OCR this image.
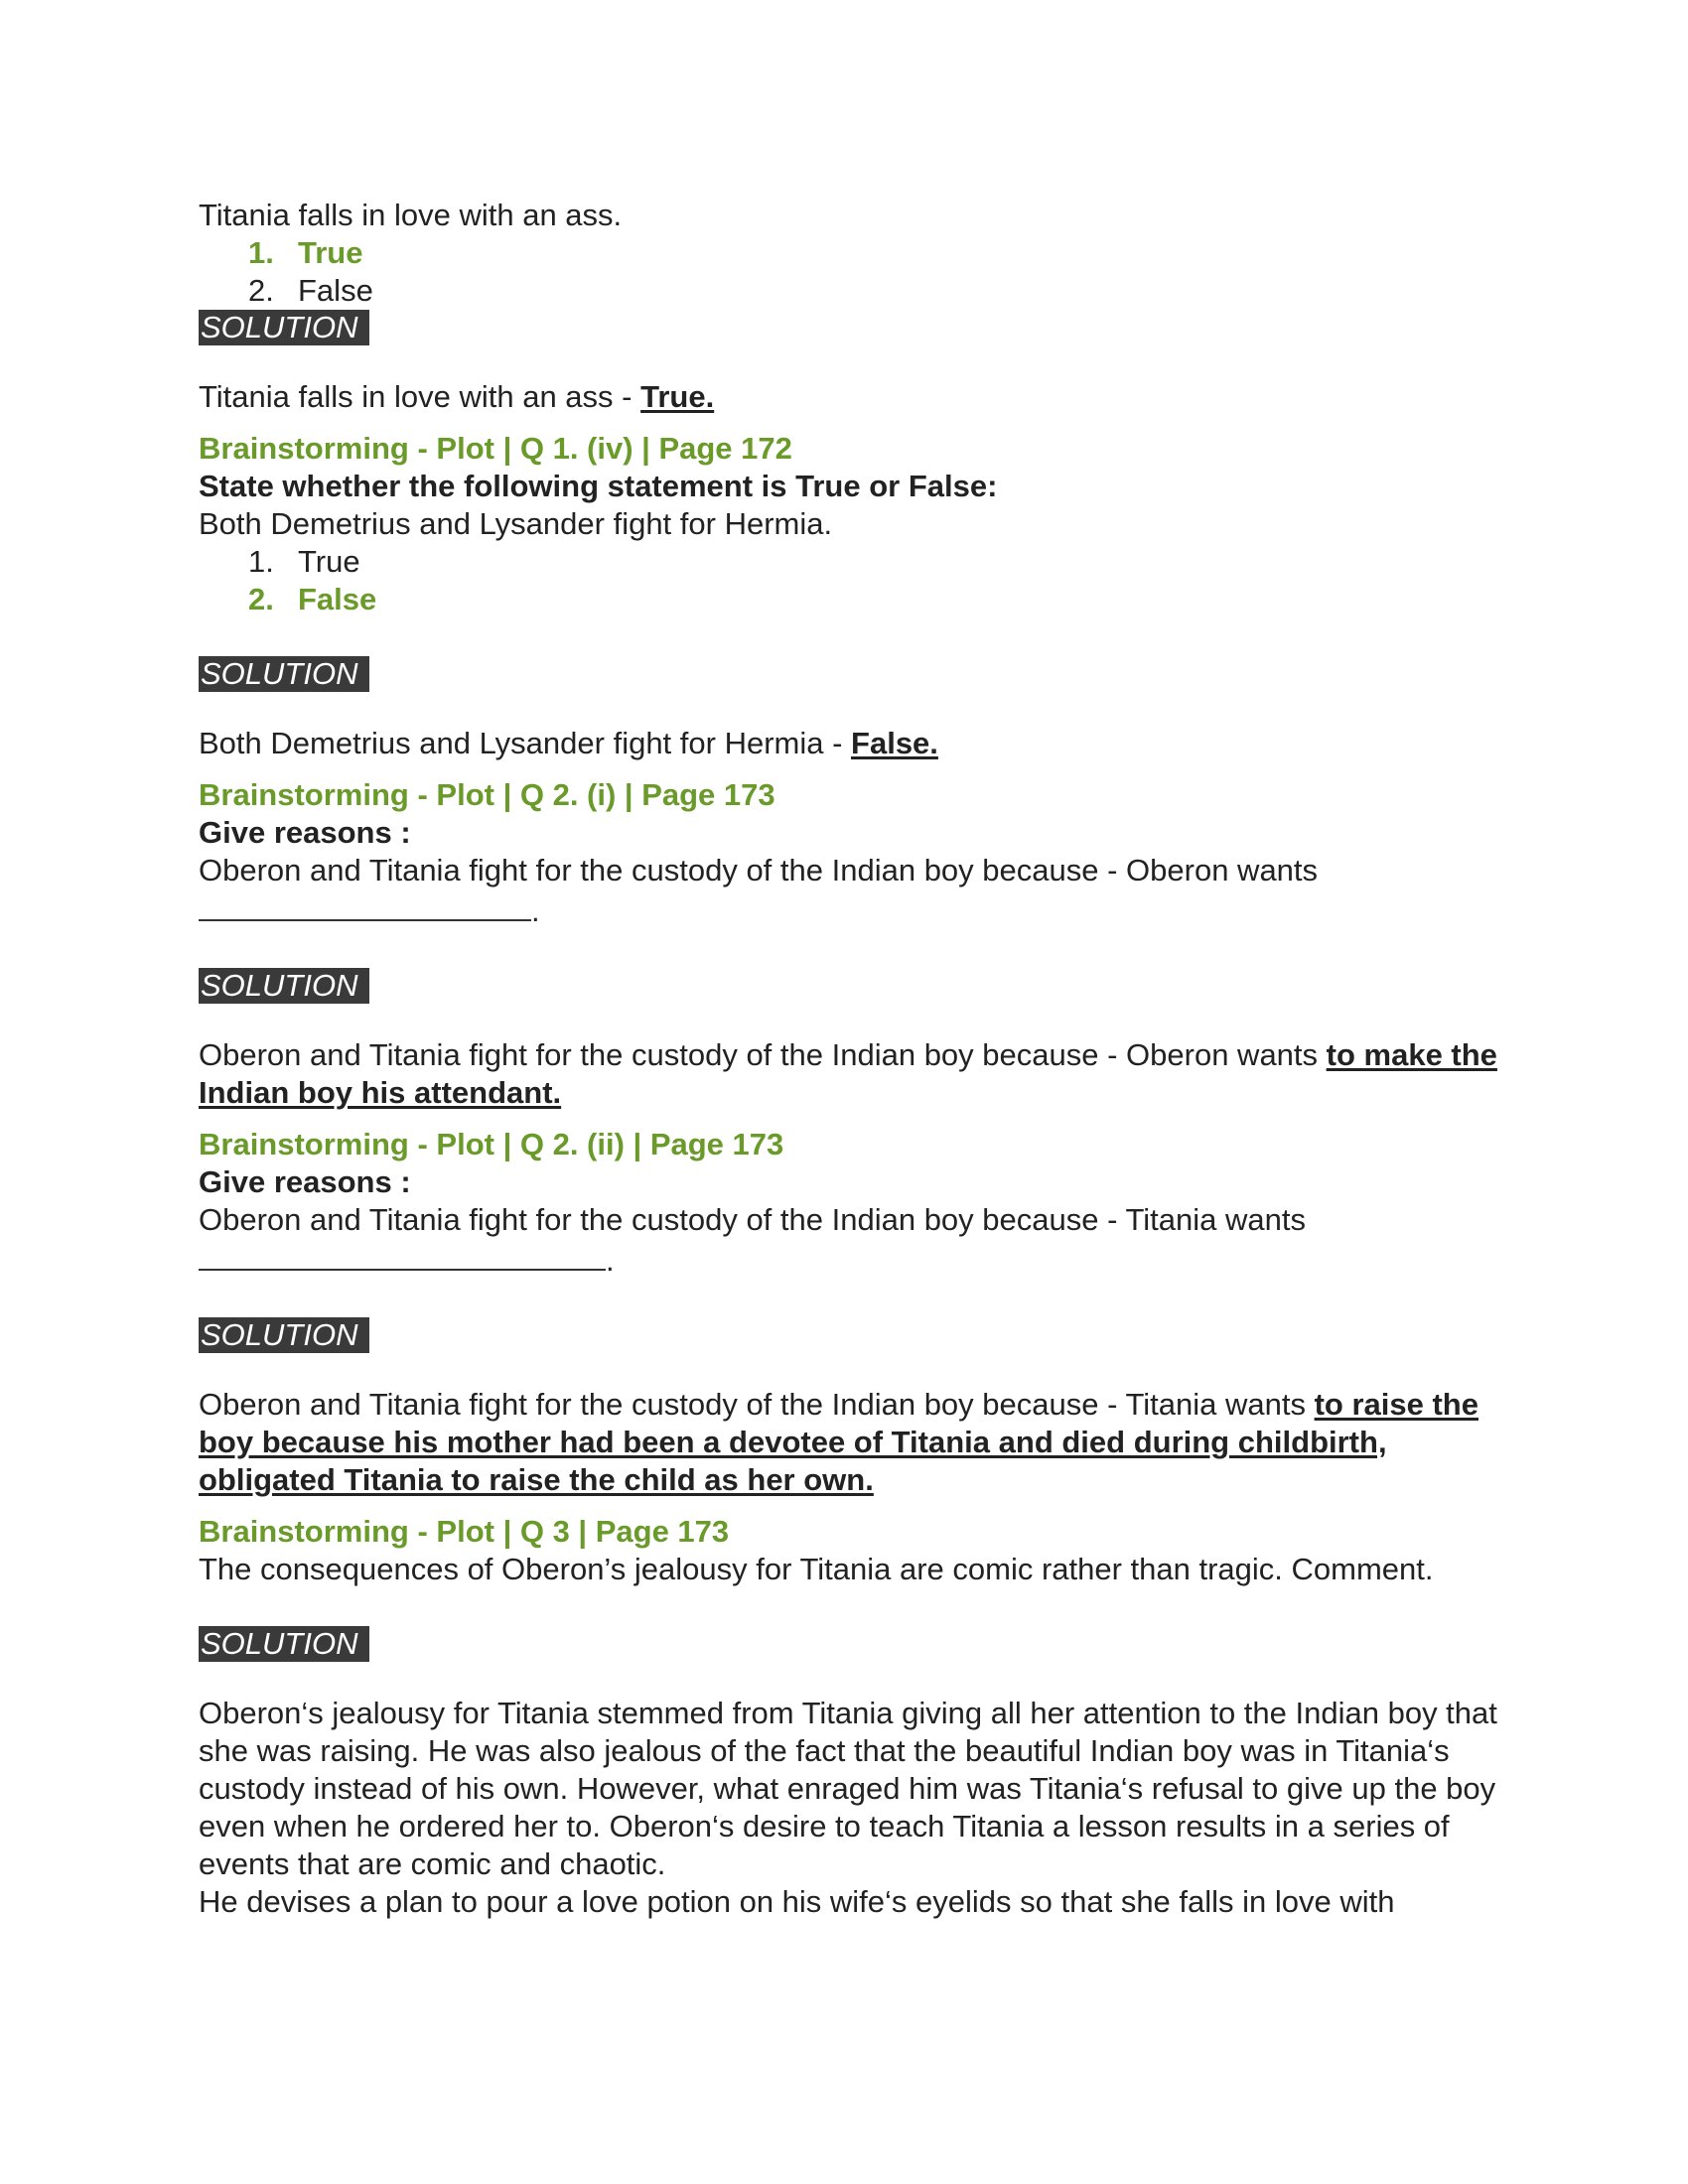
Titania falls in love with an ass.

1. True
2. False
SOLUTION

Titania falls in love with an ass - True.

Brainstorming - Plot | Q 1. (iv) | Page 172

State whether the following statement is True or False:

Both Demetrius and Lysander fight for Hermia.

1. True
2. False
SOLUTION

Both Demetrius and Lysander fight for Hermia - False.

Brainstorming - Plot | Q 2. (i) | Page 173

Give reasons :

Oberon and Titania fight for the custody of the Indian boy because - Oberon wants

.

SOLUTION

Oberon and Titania fight for the custody of the Indian boy because - Oberon wants to make the Indian boy his attendant.

Brainstorming - Plot | Q 2. (ii) | Page 173

Give reasons :

Oberon and Titania fight for the custody of the Indian boy because - Titania wants

.

SOLUTION

Oberon and Titania fight for the custody of the Indian boy because - Titania wants to raise the boy because his mother had been a devotee of Titania and died during childbirth, obligated Titania to raise the child as her own.

Brainstorming - Plot | Q 3 | Page 173

The consequences of Oberon’s jealousy for Titania are comic rather than tragic. Comment.

SOLUTION

Oberon‘s jealousy for Titania stemmed from Titania giving all her attention to the Indian boy that she was raising. He was also jealous of the fact that the beautiful Indian boy was in Titania‘s custody instead of his own. However, what enraged him was Titania‘s refusal to give up the boy even when he ordered her to. Oberon‘s desire to teach Titania a lesson results in a series of events that are comic and chaotic.

He devises a plan to pour a love potion on his wife‘s eyelids so that she falls in love with
